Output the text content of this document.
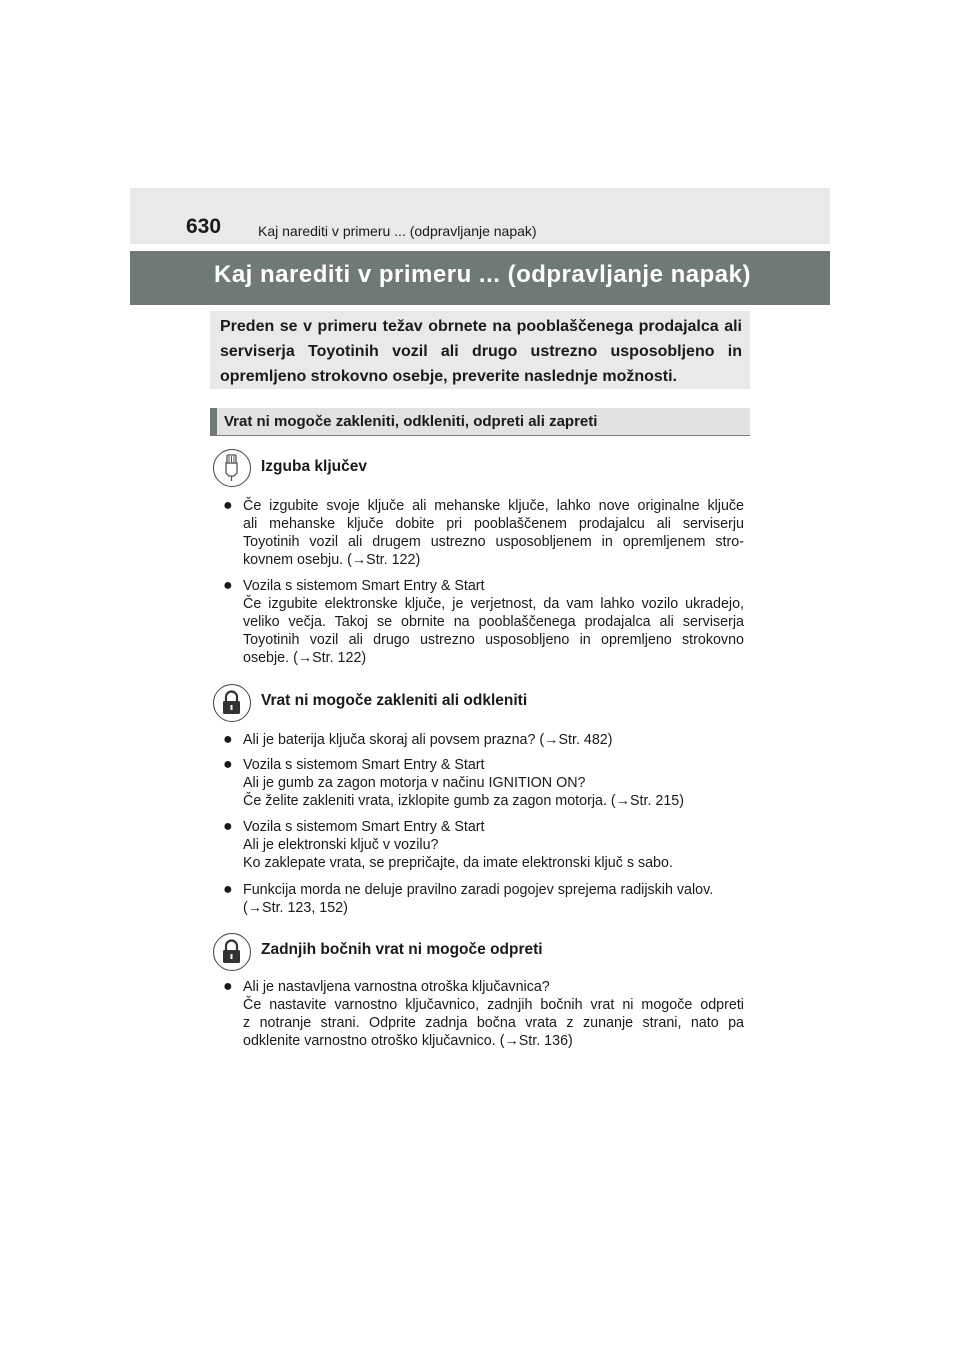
630	Kaj narediti v primeru ... (odpravljanje napak)
Kaj narediti v primeru ... (odpravljanje napak)
Preden se v primeru težav obrnete na pooblaščenega prodajalca ali serviserja Toyotinih vozil ali drugo ustrezno usposobljeno in opremljeno strokovno osebje, preverite naslednje možnosti.
Vrat ni mogoče zakleniti, odkleniti, odpreti ali zapreti
Izguba ključev
● Če izgubite svoje ključe ali mehanske ključe, lahko nove originalne ključe
ali mehanske ključe dobite pri pooblaščenem prodajalcu ali serviserju
Toyotinih vozil ali drugem ustrezno usposobljenem in opremljenem stro-
kovnem osebju. (→Str. 122)
● Vozila s sistemom Smart Entry & Start
Če izgubite elektronske ključe, je verjetnost, da vam lahko vozilo ukradejo,
veliko večja. Takoj se obrnite na pooblaščenega prodajalca ali serviserja
Toyotinih vozil ali drugo ustrezno usposobljeno in opremljeno strokovno
osebje. (→Str. 122)
Vrat ni mogoče zakleniti ali odkleniti
● Ali je baterija ključa skoraj ali povsem prazna? (→Str. 482)
● Vozila s sistemom Smart Entry & Start
Ali je gumb za zagon motorja v načinu IGNITION ON?
Če želite zakleniti vrata, izklopite gumb za zagon motorja. (→Str. 215)
● Vozila s sistemom Smart Entry & Start
Ali je elektronski ključ v vozilu?
Ko zaklepate vrata, se prepričajte, da imate elektronski ključ s sabo.
● Funkcija morda ne deluje pravilno zaradi pogojev sprejema radijskih valov.
(→Str. 123, 152)
Zadnjih bočnih vrat ni mogoče odpreti
● Ali je nastavljena varnostna otroška ključavnica?
Če nastavite varnostno ključavnico, zadnjih bočnih vrat ni mogoče odpreti
z notranje strani. Odprite zadnja bočna vrata z zunanje strani, nato pa
odklenite varnostno otroško ključavnico. (→Str. 136)
